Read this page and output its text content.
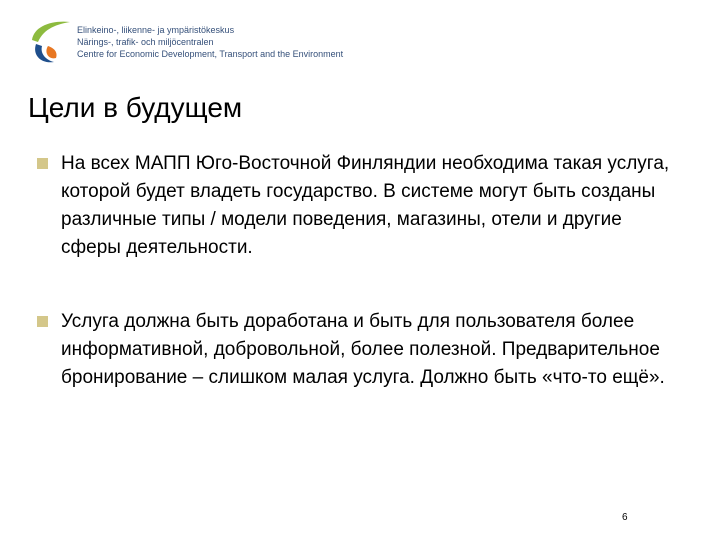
Elinkeino-, liikenne- ja ympäristökeskus
Närings-, trafik- och miljöcentralen
Centre for Economic Development, Transport and the Environment
Цели в будущем
На всех МАПП Юго-Восточной Финляндии необходима такая услуга, которой будет владеть государство. В системе могут быть созданы различные типы / модели поведения, магазины, отели и другие сферы деятельности.
Услуга должна быть доработана и быть для пользователя более информативной, добровольной, более полезной. Предварительное бронирование – слишком малая услуга. Должно быть «что-то ещё».
6
